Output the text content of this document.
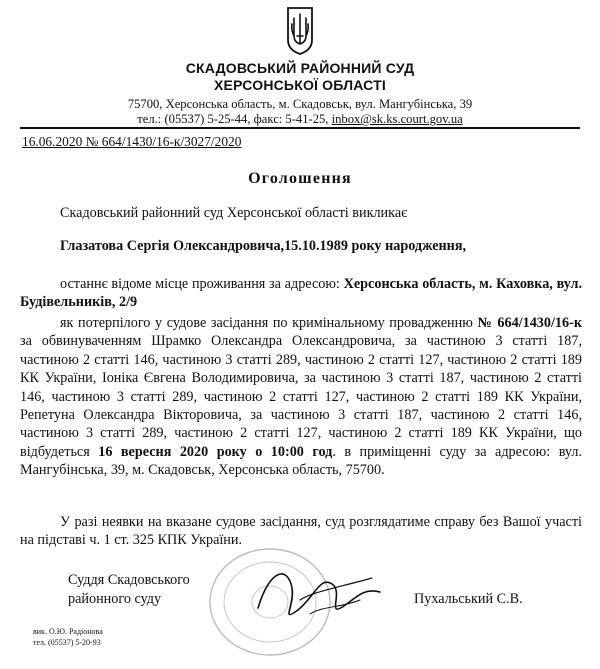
СКАДОВСЬКИЙ РАЙОННИЙ СУД
ХЕРСОНСЬКОЇ ОБЛАСТІ
75700, Херсонська область, м. Скадовськ, вул. Мангубінська, 39
тел.: (05537) 5-25-44, факс: 5-41-25, inbox@sk.ks.court.gov.ua
16.06.2020 № 664/1430/16-к/3027/2020
Оголошення
Скадовський районний суд Херсонської області викликає
Глазатова Сергія Олександровича,15.10.1989 року народження,
останнє відоме місце проживання за адресою: Херсонська область, м. Каховка, вул. Будівельників, 2/9
як потерпілого у судове засідання по кримінальному провадженню № 664/1430/16-к за обвинуваченням Шрамко Олександра Олександровича, за частиною 3 статті 187, частиною 2 статті 146, частиною 3 статті 289, частиною 2 статті 127, частиною 2 статті 189 КК України, Іоніка Євгена Володимировича, за частиною 3 статті 187, частиною 2 статті 146, частиною 3 статті 289, частиною 2 статті 127, частиною 2 статті 189 КК України, Репетуна Олександра Вікторовича, за частиною 3 статті 187, частиною 2 статті 146, частиною 3 статті 289, частиною 2 статті 127, частиною 2 статті 189 КК України, що відбудеться 16 вересня 2020 року о 10:00 год. в приміщенні суду за адресою: вул. Мангубінська, 39, м. Скадовськ, Херсонська область, 75700.
У разі неявки на вказане судове засідання, суд розглядатиме справу без Вашої участі на підставі ч. 1 ст. 325 КПК України.
Суддя Скадовського
районного суду	Пухальський С.В.
вик. О.Ю. Радіонова
тел. (05537) 5-20-93
